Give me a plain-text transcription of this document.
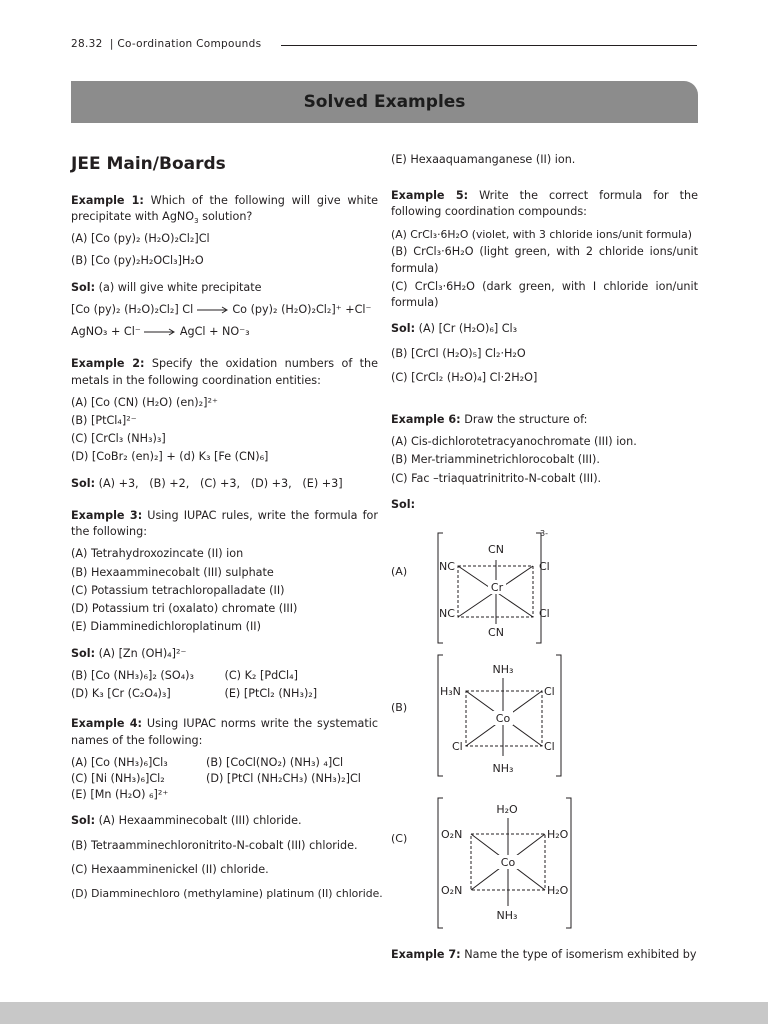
28.32  | Co-ordination Compounds
Solved Examples
JEE Main/Boards

Example 1: Which of the following will give white precipitate with AgNO$_3$ solution?

(A) [Co (py)₂ (H₂O)₂Cl₂]Cl

(B) [Co (py)₂H₂OCl₃]H₂O

Sol: (a) will give white precipitate

[Co (py)₂ (H₂O)₂Cl₂] Cl → Co (py)₂ (H₂O)₂Cl₂]⁺ +Cl⁻

AgNO₃ + Cl⁻ → AgCl + NO⁻₃

Example 2: Specify the oxidation numbers of the metals in the following coordination entities:

(A) [Co (CN) (H₂O) (en)₂]²⁺

(B) [PtCl₄]²⁻

(C) [CrCl₃ (NH₃)₃]

(D) [CoBr₂ (en)₂] + (d) K₃ [Fe (CN)₆]

Sol: (A) +3,   (B) +2,   (C) +3,   (D) +3,   (E) +3]

Example 3: Using IUPAC rules, write the formula for the following:

(A) Tetrahydroxozincate (II) ion

(B) Hexaamminecobalt (III) sulphate

(C) Potassium tetrachloropalladate (II)

(D) Potassium tri (oxalato) chromate (III)

(E) Diamminedichloroplatinum (II)

Sol: (A) [Zn (OH)₄]²⁻

(B) [Co (NH₃)₆]₂ (SO₄)₃	(C) K₂ [PdCl₄]
(D) K₃ [Cr (C₂O₄)₃]	(E) [PtCl₂ (NH₃)₂]

Example 4: Using IUPAC norms write the systematic names of the following:

(A) [Co (NH₃)₆]Cl₃	(B) [CoCl(NO₂) (NH₃) ₄]Cl
(C) [Ni (NH₃)₆]Cl₂	(D) [PtCl (NH₂CH₃) (NH₃)₂]Cl

(E) [Mn (H₂O) ₆]²⁺

Sol: (A) Hexaamminecobalt (III) chloride.

(B) Tetraamminechloronitrito-N-cobalt (III) chloride.

(C) Hexaamminenickel (II) chloride.

(D) Diamminechloro (methylamine) platinum (II) chloride.

(E) Hexaaquamanganese (II) ion.

Example 5: Write the correct formula for the following coordination compounds:

(A) CrCl₃·6H₂O (violet, with 3 chloride ions/unit formula)

(B) CrCl₃·6H₂O (light green, with 2 chloride ions/unit formula)

(C) CrCl₃·6H₂O (dark green, with I chloride ion/unit formula)

Sol: (A) [Cr (H₂O)₆] Cl₃

(B) [CrCl (H₂O)₅] Cl₂·H₂O

(C) [CrCl₂ (H₂O)₄] Cl·2H₂O]

Example 6: Draw the structure of:

(A) Cis-dichlorotetracyanochromate (III) ion.

(B) Mer-triamminetrichlorocobalt (III).

(C) Fac –triaquatrinitrito-N-cobalt (III).

Sol:

(A)
3-
CN
CN
NC
NC
Cl
Cl
Cr
(B)
NH₃
NH₃
H₃N
Cl
Cl
Cl
Co
(C)
H₂O
NH₃
O₂N
O₂N
H₂O
H₂O
Co

Example 7: Name the type of isomerism exhibited by
